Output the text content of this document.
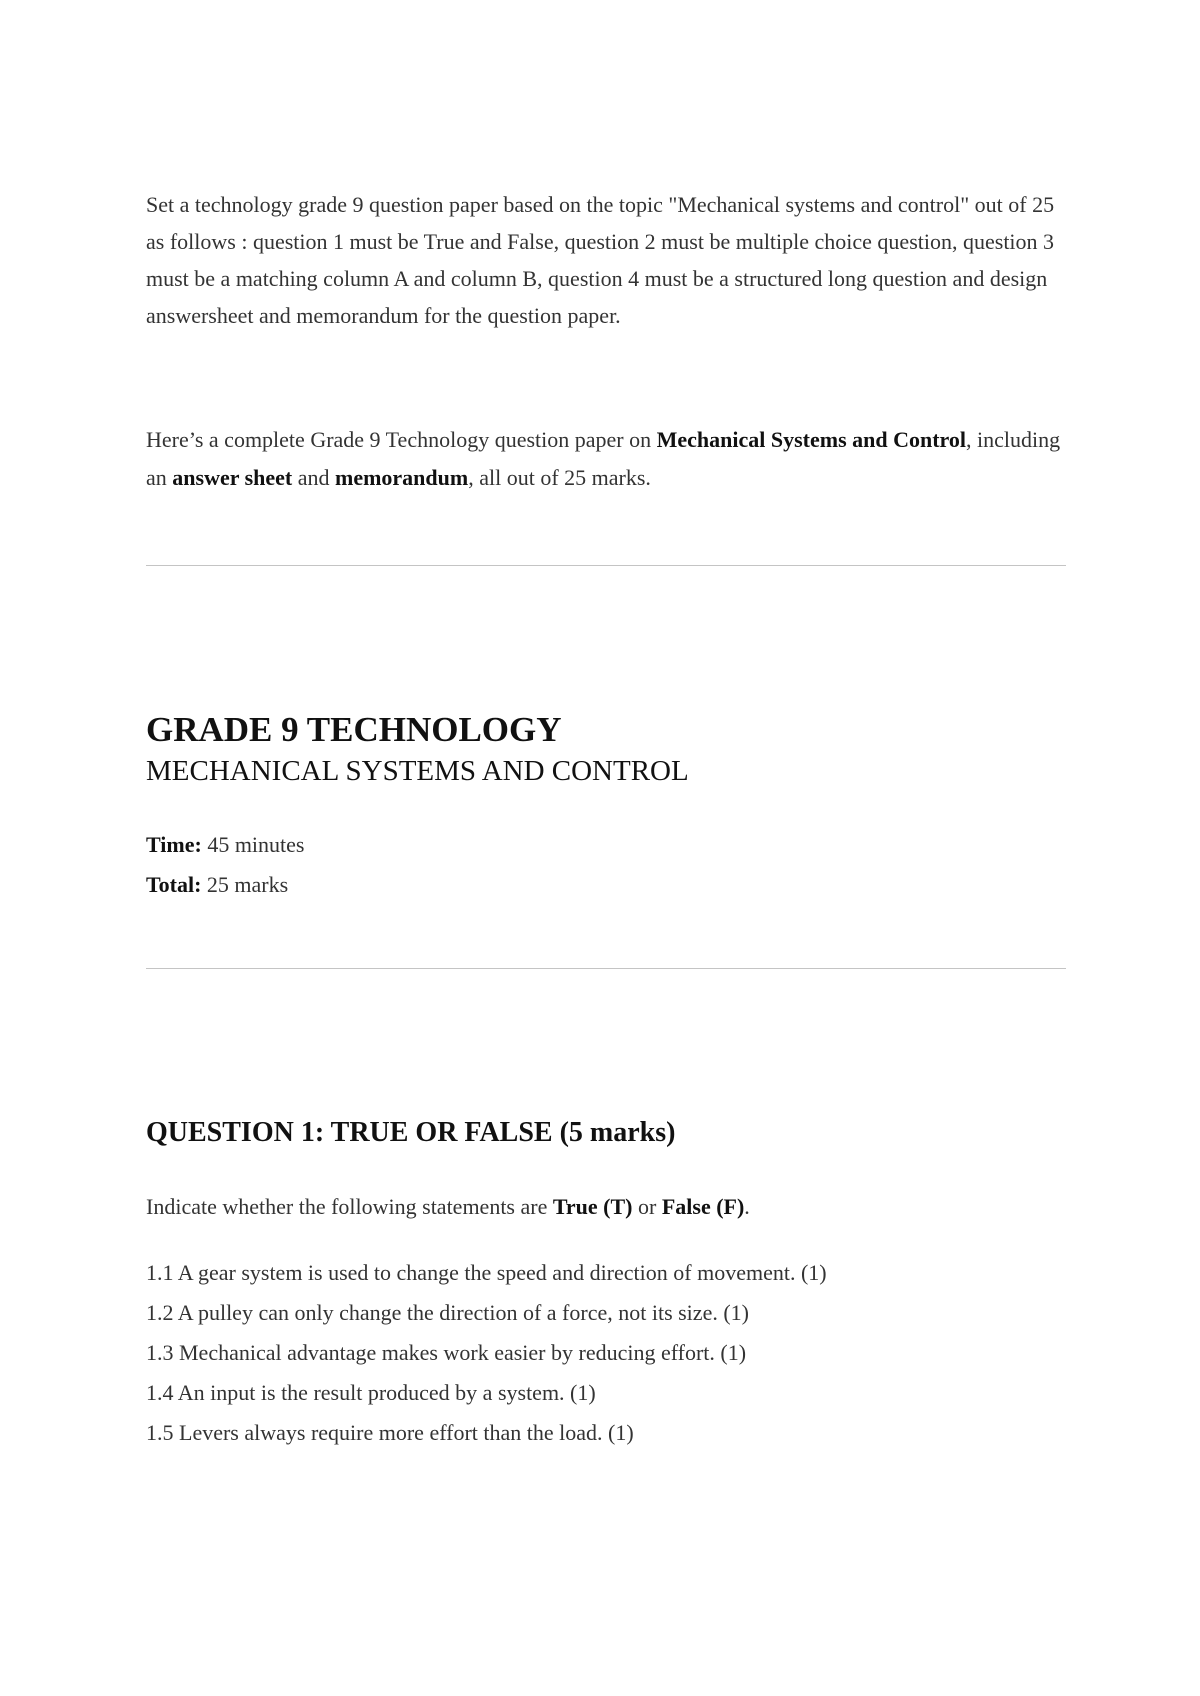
Set a technology grade 9 question paper based on the topic "Mechanical systems and control" out of 25 as follows : question 1 must be True and False, question 2 must be multiple choice question, question 3 must be a matching column A and column B, question 4 must be a structured long question and design answersheet and memorandum for the question paper.

Here’s a complete Grade 9 Technology question paper on Mechanical Systems and Control, including an answer sheet and memorandum, all out of 25 marks.

GRADE 9 TECHNOLOGY
MECHANICAL SYSTEMS AND CONTROL
Time: 45 minutes
Total: 25 marks
QUESTION 1: TRUE OR FALSE (5 marks)
Indicate whether the following statements are True (T) or False (F).
1.1 A gear system is used to change the speed and direction of movement. (1)
1.2 A pulley can only change the direction of a force, not its size. (1)
1.3 Mechanical advantage makes work easier by reducing effort. (1)
1.4 An input is the result produced by a system. (1)
1.5 Levers always require more effort than the load. (1)
